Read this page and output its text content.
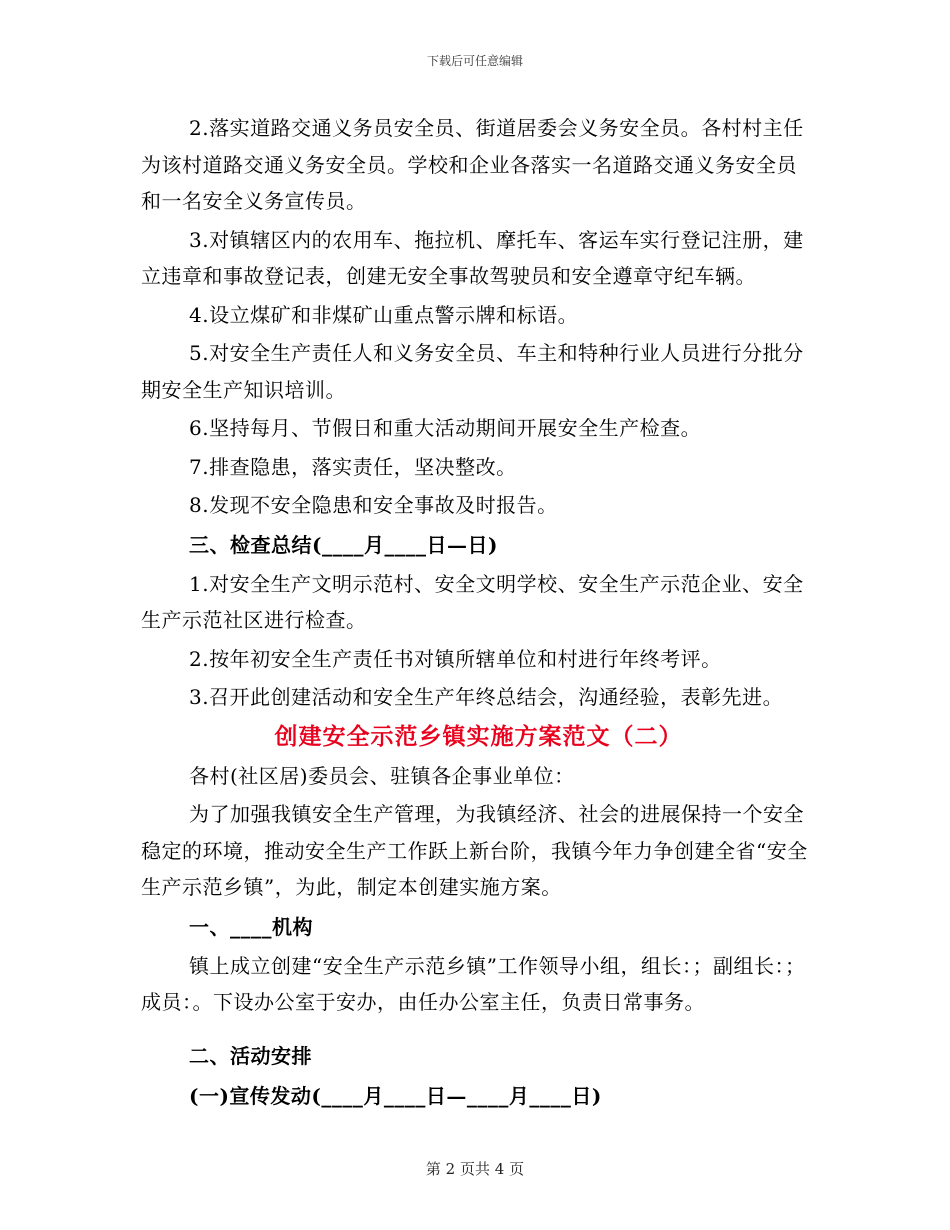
下载后可任意编辑

2.落实道路交通义务员安全员、街道居委会义务安全员。各村村主任为该村道路交通义务安全员。学校和企业各落实一名道路交通义务安全员和一名安全义务宣传员。

3.对镇辖区内的农用车、拖拉机、摩托车、客运车实行登记注册，建立违章和事故登记表，创建无安全事故驾驶员和安全遵章守纪车辆。

4.设立煤矿和非煤矿山重点警示牌和标语。

5.对安全生产责任人和义务安全员、车主和特种行业人员进行分批分期安全生产知识培训。

6.坚持每月、节假日和重大活动期间开展安全生产检查。

7.排查隐患，落实责任，坚决整改。

8.发现不安全隐患和安全事故及时报告。

三、检查总结(____月____日—日)

1.对安全生产文明示范村、安全文明学校、安全生产示范企业、安全生产示范社区进行检查。

2.按年初安全生产责任书对镇所辖单位和村进行年终考评。

3.召开此创建活动和安全生产年终总结会，沟通经验，表彰先进。

创建安全示范乡镇实施方案范文（二）

各村(社区居)委员会、驻镇各企事业单位：

为了加强我镇安全生产管理，为我镇经济、社会的进展保持一个安全稳定的环境，推动安全生产工作跃上新台阶，我镇今年力争创建全省“安全生产示范乡镇”，为此，制定本创建实施方案。

一、____机构

镇上成立创建“安全生产示范乡镇”工作领导小组，组长：；副组长：；成员：。下设办公室于安办，由任办公室主任，负责日常事务。

二、活动安排

(一)宣传发动(____月____日—____月____日)

第 2 页共 4 页
